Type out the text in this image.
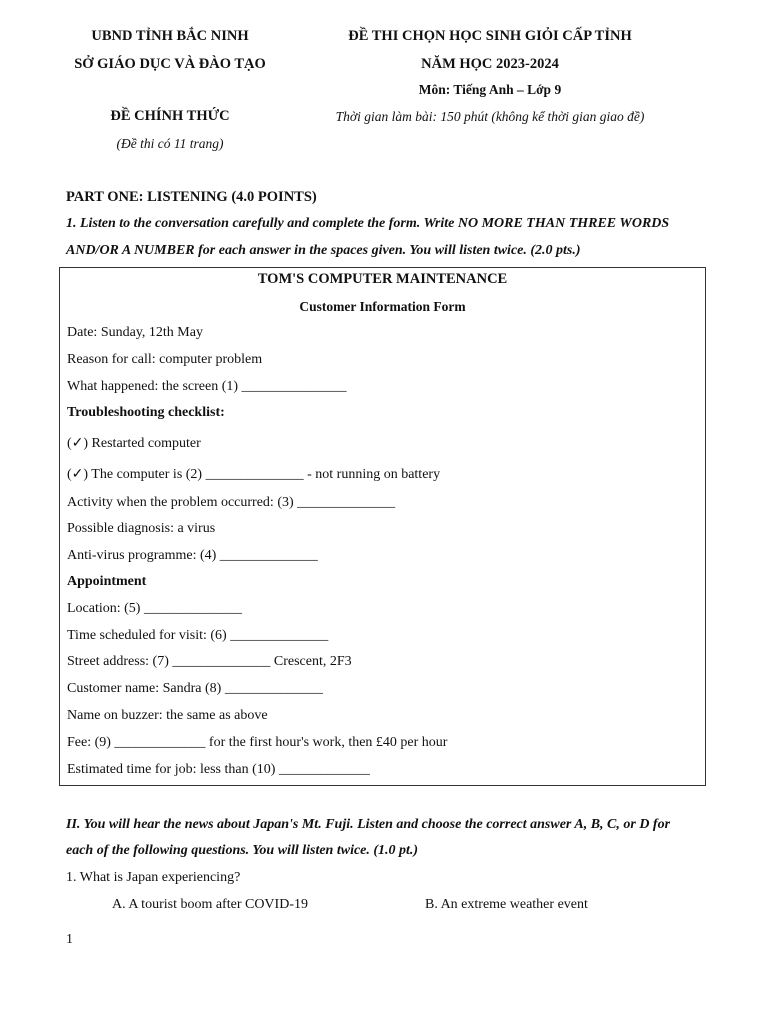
UBND TỈNH BẮC NINH
SỞ GIÁO DỤC VÀ ĐÀO TẠO
ĐỀ CHÍNH THỨC
(Đề thi có 11 trang)
ĐỀ THI CHỌN HỌC SINH GIỎI CẤP TỈNH
NĂM HỌC 2023-2024
Môn: Tiếng Anh – Lớp 9
Thời gian làm bài: 150 phút (không kể thời gian giao đề)
PART ONE: LISTENING (4.0 POINTS)
1. Listen to the conversation carefully and complete the form. Write NO MORE THAN THREE WORDS
AND/OR A NUMBER for each answer in the spaces given. You will listen twice. (2.0 pts.)
TOM'S COMPUTER MAINTENANCE
Customer Information Form
Date: Sunday, 12th May
Reason for call: computer problem
What happened: the screen (1) _______________
Troubleshooting checklist:
(✓) Restarted computer
(✓) The computer is (2) ______________ - not running on battery
Activity when the problem occurred: (3) ______________
Possible diagnosis: a virus
Anti-virus programme: (4) ______________
Appointment
Location: (5) ______________
Time scheduled for visit: (6) ______________
Street address: (7) ______________ Crescent, 2F3
Customer name: Sandra (8) ______________
Name on buzzer: the same as above
Fee: (9) _____________ for the first hour's work, then £40 per hour
Estimated time for job: less than (10) _____________
II. You will hear the news about Japan's Mt. Fuji. Listen and choose the correct answer A, B, C, or D for
each of the following questions. You will listen twice. (1.0 pt.)
1. What is Japan experiencing?
A. A tourist boom after COVID-19	B. An extreme weather event
1
